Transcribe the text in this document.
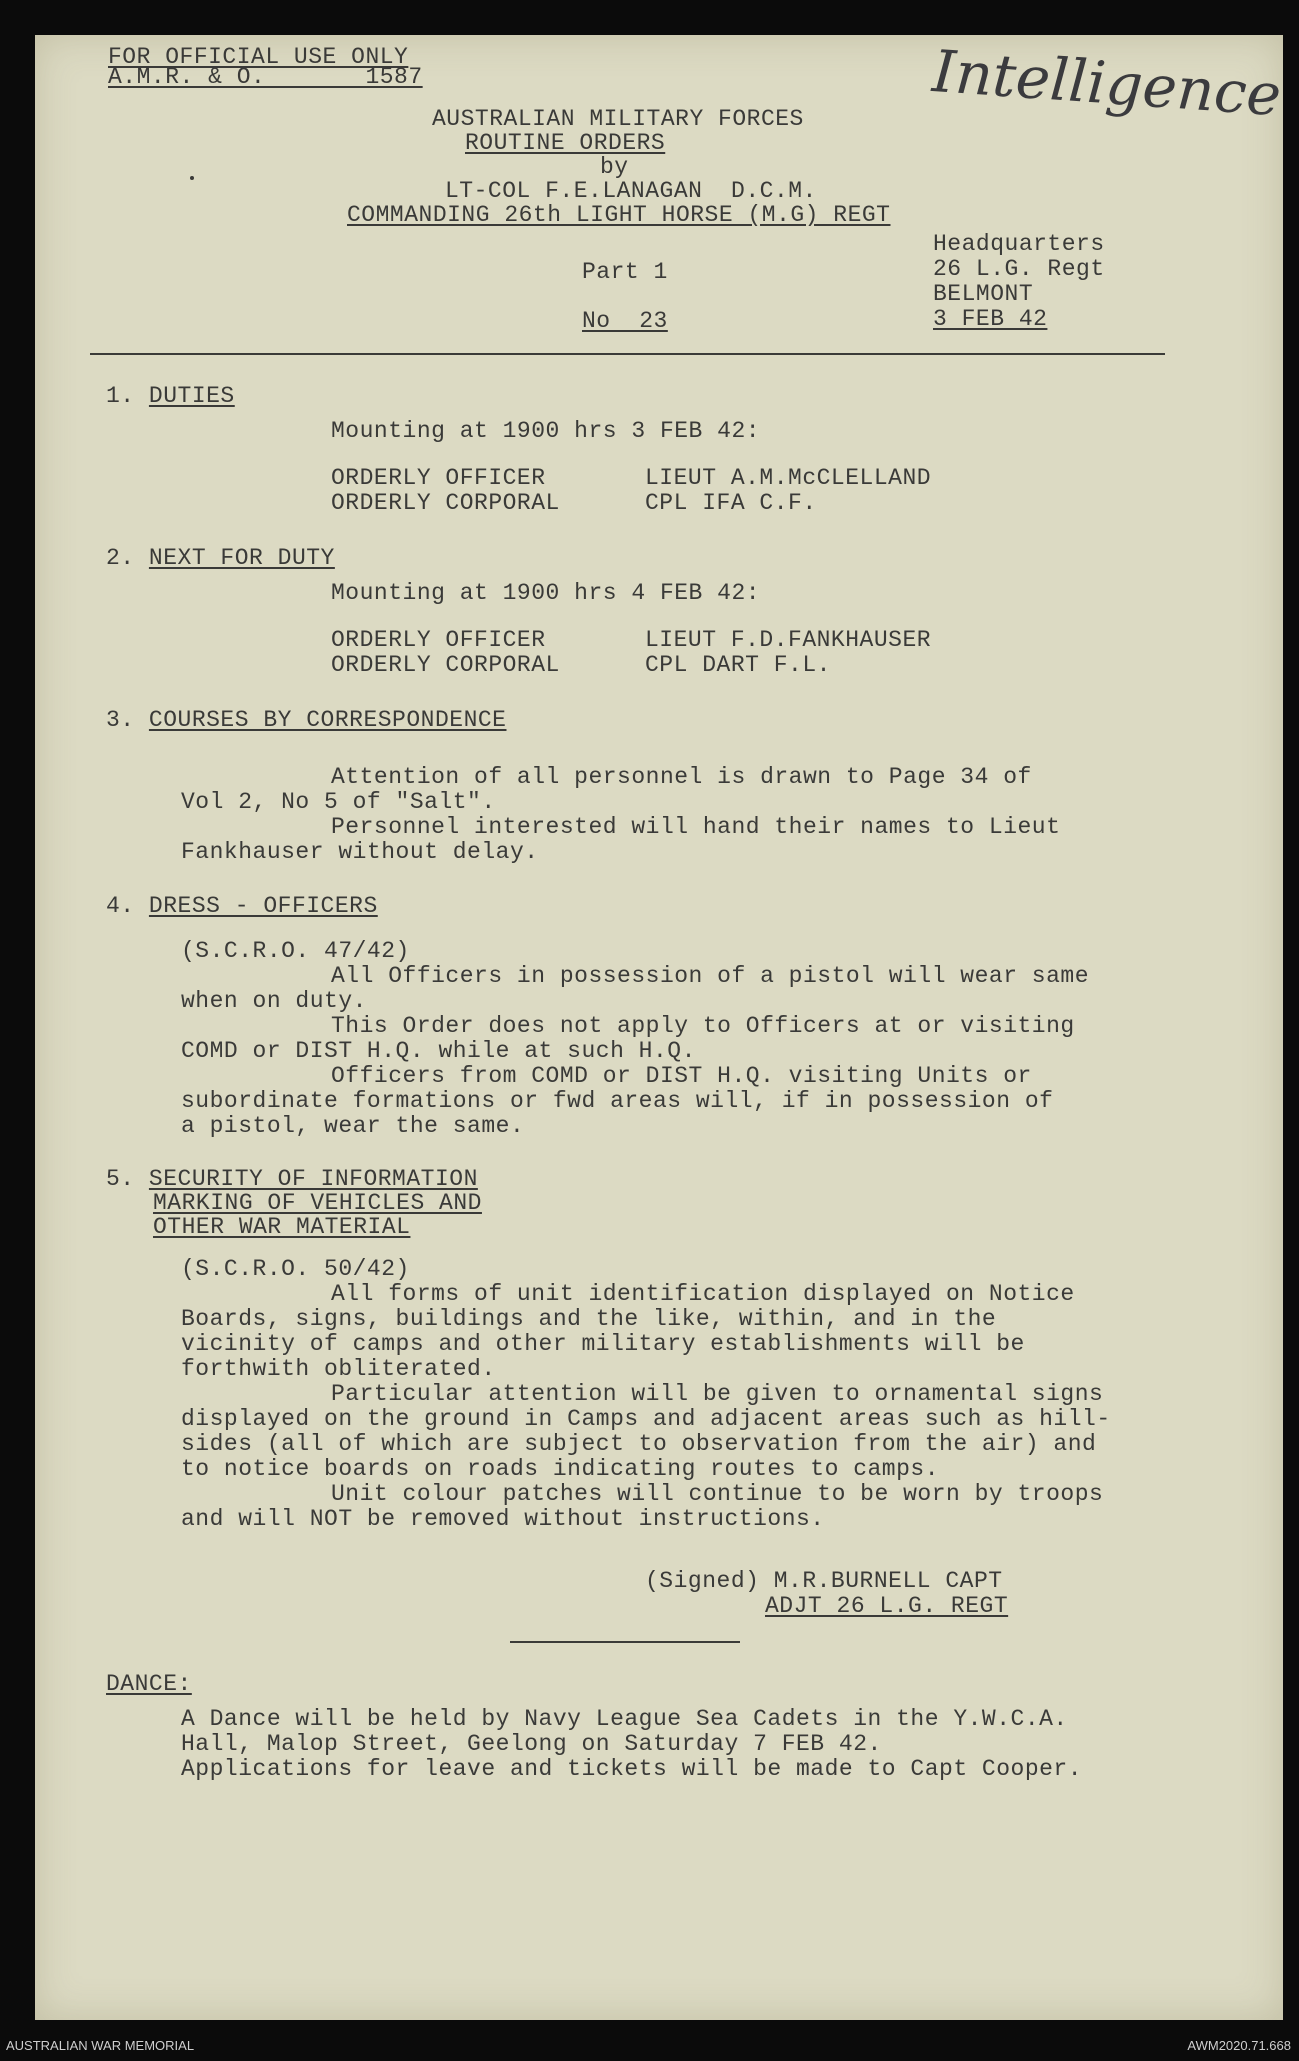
FOR OFFICIAL USE ONLY
A.M.R. & O.       1587	Intelligence
AUSTRALIAN MILITARY FORCES
ROUTINE ORDERS
by
LT-COL F.E.LANAGAN  D.C.M.
COMMANDING 26th LIGHT HORSE (M.G) REGT
Headquarters
26 L.G. Regt
BELMONT
3 FEB 42
Part 1
No  23
1. DUTIES
Mounting at 1900 hrs 3 FEB 42:
ORDERLY OFFICER	LIEUT A.M.McCLELLAND
ORDERLY CORPORAL	CPL IFA C.F.
2. NEXT FOR DUTY
Mounting at 1900 hrs 4 FEB 42:
ORDERLY OFFICER	LIEUT F.D.FANKHAUSER
ORDERLY CORPORAL	CPL DART F.L.
3. COURSES BY CORRESPONDENCE
Attention of all personnel is drawn to Page 34 of
Vol 2, No 5 of "Salt".
Personnel interested will hand their names to Lieut
Fankhauser without delay.
4. DRESS - OFFICERS
(S.C.R.O. 47/42)
All Officers in possession of a pistol will wear same
when on duty.
This Order does not apply to Officers at or visiting
COMD or DIST H.Q. while at such H.Q.
Officers from COMD or DIST H.Q. visiting Units or
subordinate formations or fwd areas will, if in possession of
a pistol, wear the same.
5. SECURITY OF INFORMATION
MARKING OF VEHICLES AND
OTHER WAR MATERIAL
(S.C.R.O. 50/42)
All forms of unit identification displayed on Notice
Boards, signs, buildings and the like, within, and in the
vicinity of camps and other military establishments will be
forthwith obliterated.
Particular attention will be given to ornamental signs
displayed on the ground in Camps and adjacent areas such as hill-
sides (all of which are subject to observation from the air) and
to notice boards on roads indicating routes to camps.
Unit colour patches will continue to be worn by troops
and will NOT be removed without instructions.
(Signed) M.R.BURNELL CAPT
ADJT 26 L.G. REGT
DANCE:
A Dance will be held by Navy League Sea Cadets in the Y.W.C.A.
Hall, Malop Street, Geelong on Saturday 7 FEB 42.
Applications for leave and tickets will be made to Capt Cooper.
AUSTRALIAN WAR MEMORIAL	AWM2020.71.668
